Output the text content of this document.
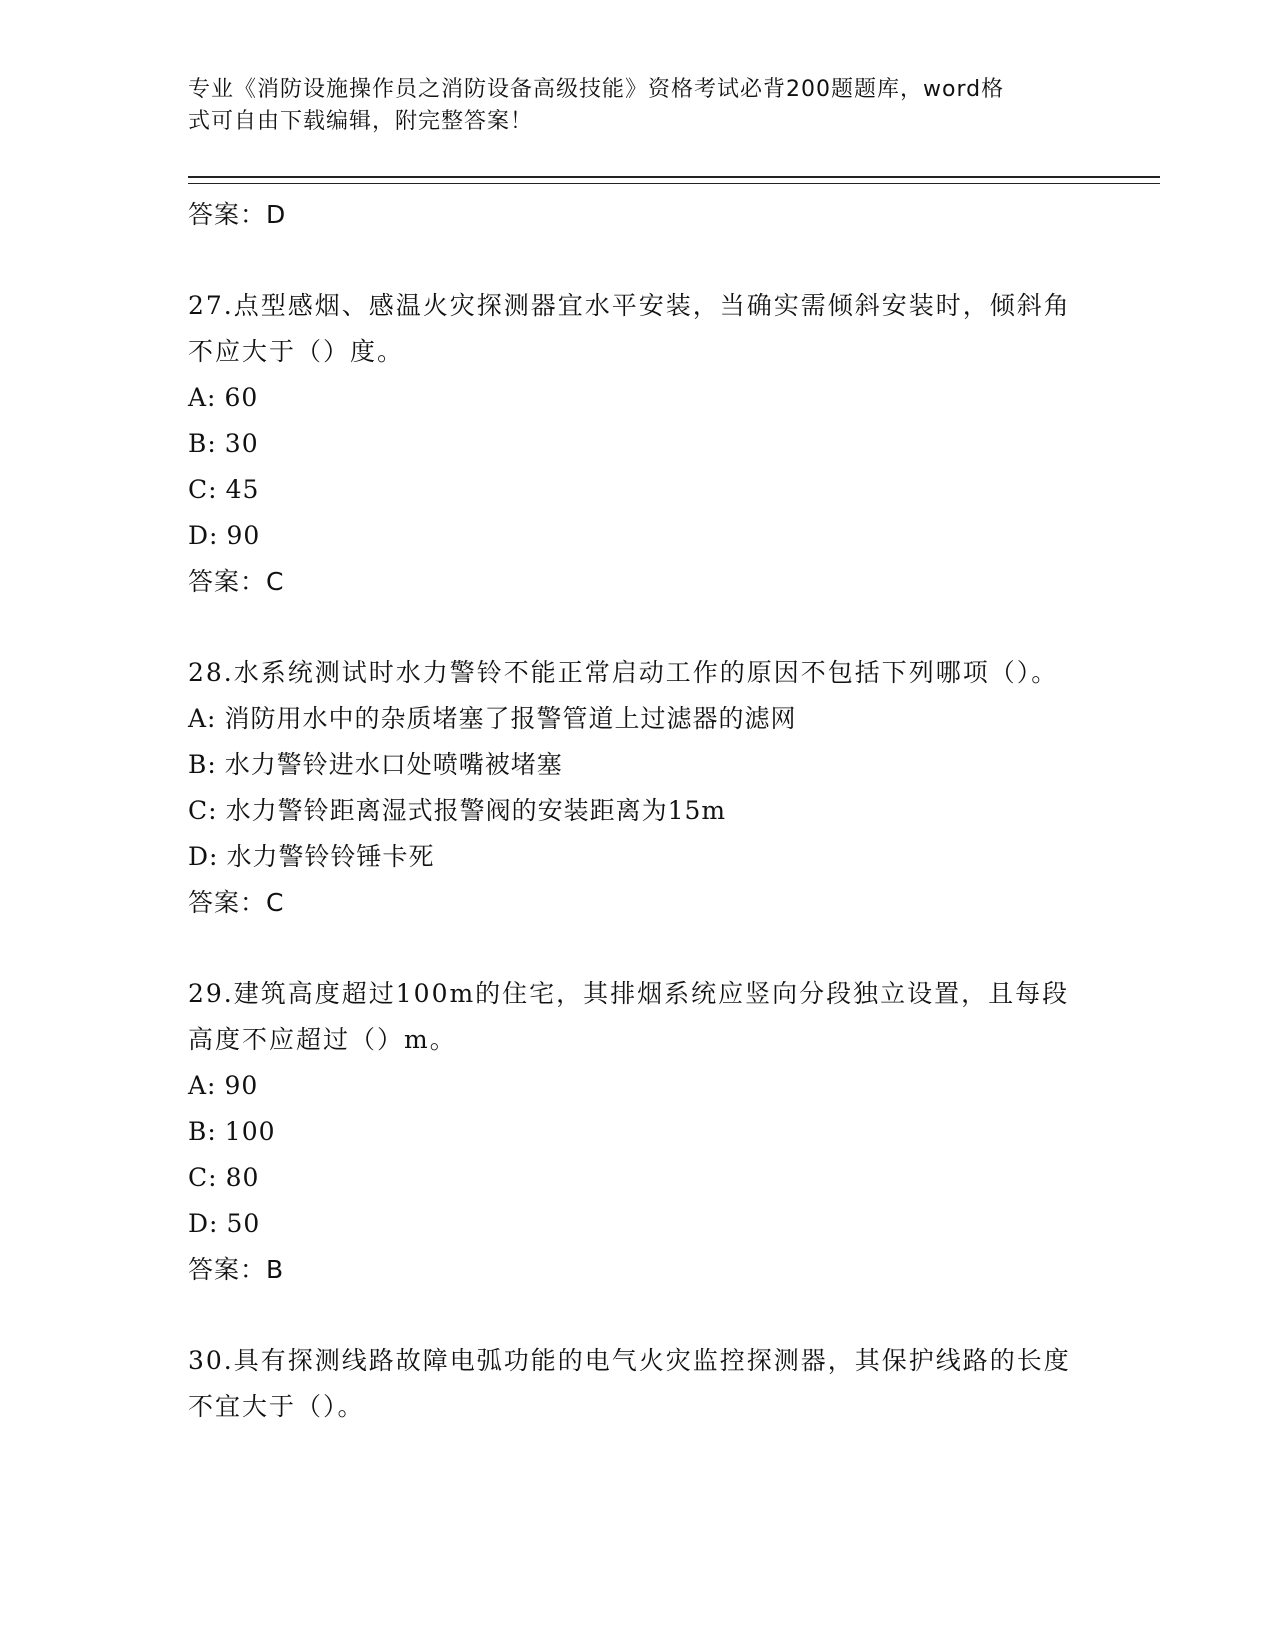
专业《消防设施操作员之消防设备高级技能》资格考试必背200题题库，word格
式可自由下载编辑，附完整答案！
答案：D
27.点型感烟、感温火灾探测器宜水平安装，当确实需倾斜安装时，倾斜角不应大于（）度。
A: 60
B: 30
C: 45
D: 90
答案：C
28.水系统测试时水力警铃不能正常启动工作的原因不包括下列哪项（）。
A: 消防用水中的杂质堵塞了报警管道上过滤器的滤网
B: 水力警铃进水口处喷嘴被堵塞
C: 水力警铃距离湿式报警阀的安装距离为15m
D: 水力警铃铃锤卡死
答案：C
29.建筑高度超过100m的住宅，其排烟系统应竖向分段独立设置，且每段高度不应超过（）m。
A: 90
B: 100
C: 80
D: 50
答案：B
30.具有探测线路故障电弧功能的电气火灾监控探测器，其保护线路的长度不宜大于（）。
